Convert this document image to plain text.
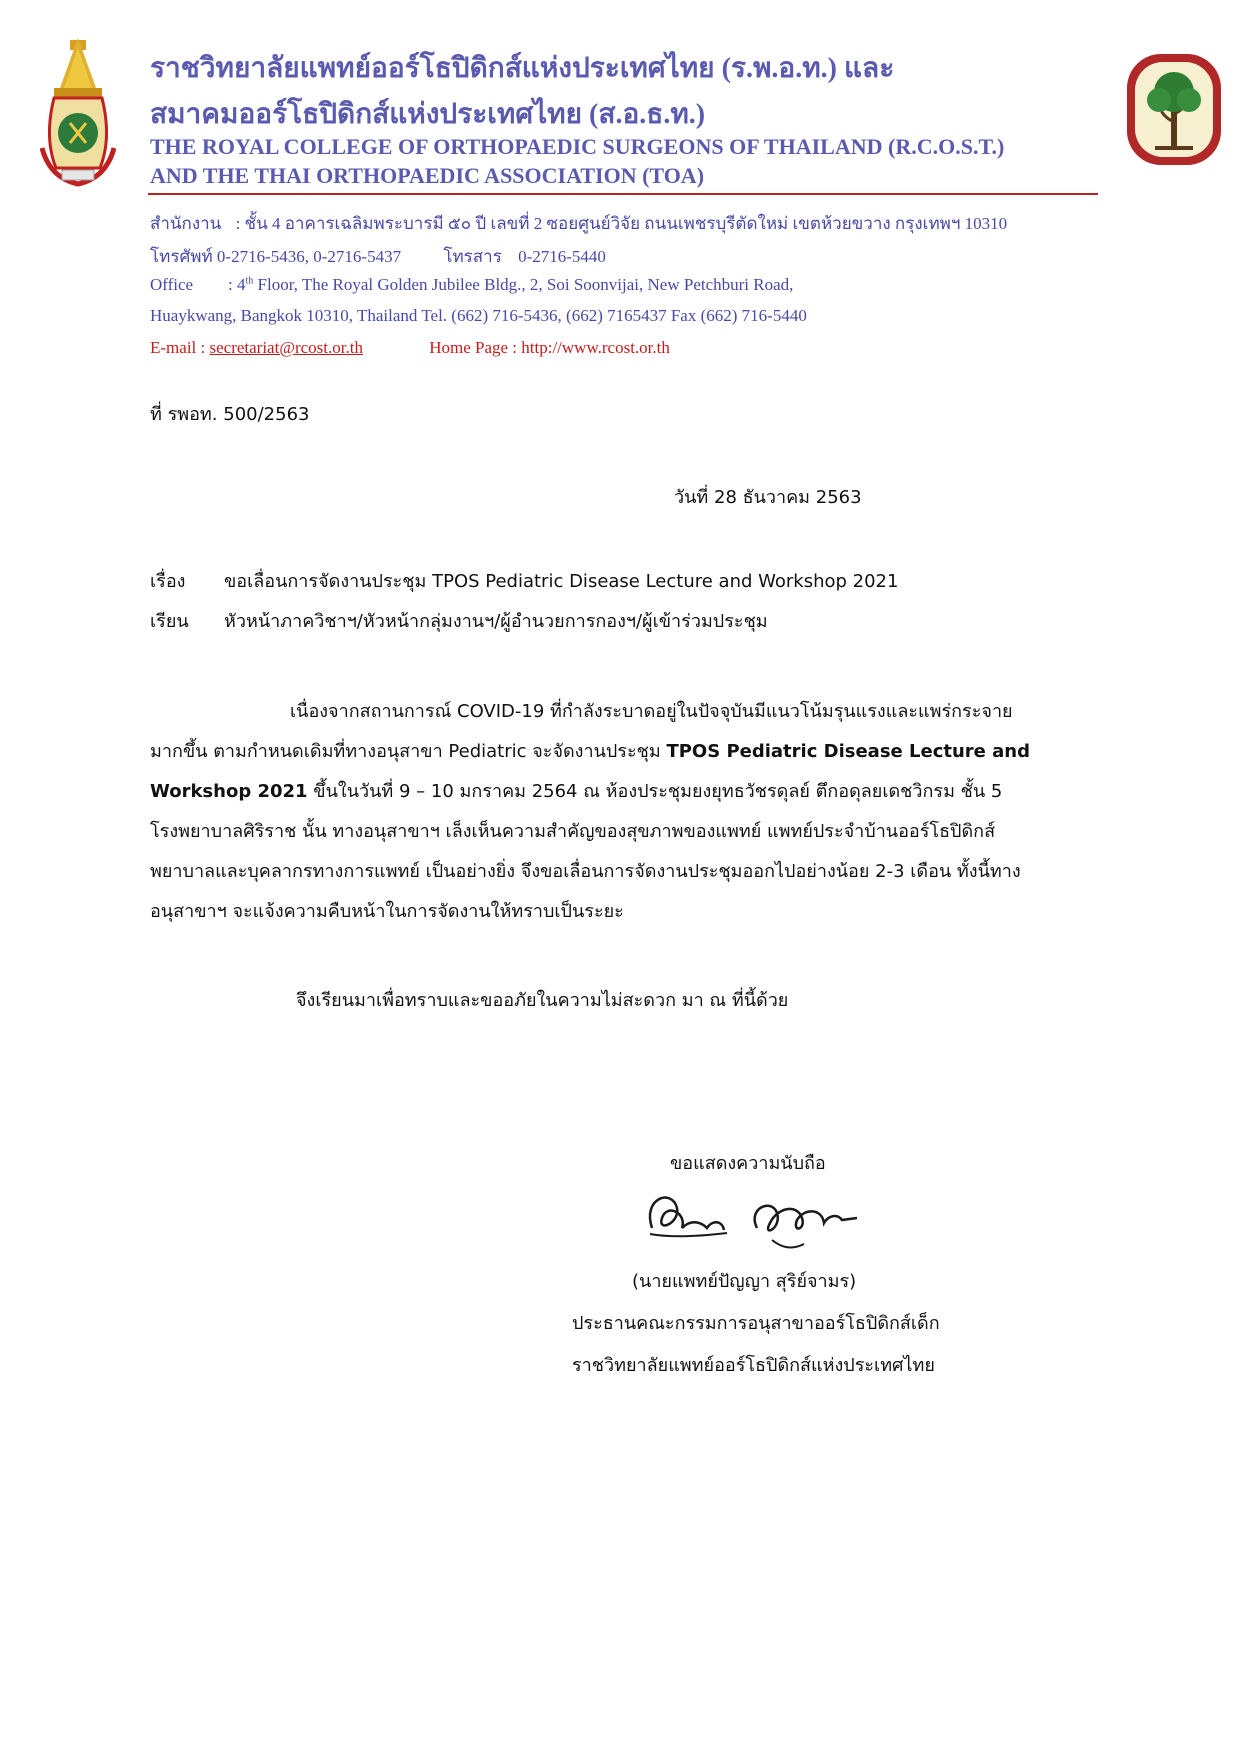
ราชวิทยาลัยแพทย์ออร์โธปิดิกส์แห่งประเทศไทย (ร.พ.อ.ท.) และ
สมาคมออร์โธปิดิกส์แห่งประเทศไทย (ส.อ.ธ.ท.)
THE ROYAL COLLEGE OF ORTHOPAEDIC SURGEONS OF THAILAND (R.C.O.S.T.)
AND THE THAI ORTHOPAEDIC ASSOCIATION (TOA)
สำนักงาน : ชั้น 4 อาคารเฉลิมพระบารมี ๕๐ ปี เลขที่ 2 ซอยศูนย์วิจัย ถนนเพชรบุรีตัดใหม่ เขตห้วยขวาง กรุงเทพฯ 10310
โทรศัพท์ 0-2716-5436, 0-2716-5437 โทรสาร 0-2716-5440
Office : 4th Floor, The Royal Golden Jubilee Bldg., 2, Soi Soonvijai, New Petchburi Road,
Huaykwang, Bangkok 10310, Thailand Tel. (662) 716-5436, (662) 7165437 Fax (662) 716-5440
E-mail : secretariat@rcost.or.th	Home Page : http://www.rcost.or.th
ที่ รพอท. 500/2563
วันที่ 28 ธันวาคม 2563
เรื่อง ขอเลื่อนการจัดงานประชุม TPOS Pediatric Disease Lecture and Workshop 2021
เรียน หัวหน้าภาควิชาฯ/หัวหน้ากลุ่มงานฯ/ผู้อำนวยการกองฯ/ผู้เข้าร่วมประชุม
เนื่องจากสถานการณ์ COVID-19 ที่กำลังระบาดอยู่ในปัจจุบันมีแนวโน้มรุนแรงและแพร่กระจาย
มากขึ้น ตามกำหนดเดิมที่ทางอนุสาขา Pediatric จะจัดงานประชุม TPOS Pediatric Disease Lecture and
Workshop 2021 ขึ้นในวันที่ 9 – 10 มกราคม 2564 ณ ห้องประชุมยงยุทธวัชรดุลย์ ตึกอดุลยเดชวิกรม ชั้น 5
โรงพยาบาลศิริราช นั้น ทางอนุสาขาฯ เล็งเห็นความสำคัญของสุขภาพของแพทย์ แพทย์ประจำบ้านออร์โธปิดิกส์
พยาบาลและบุคลากรทางการแพทย์ เป็นอย่างยิ่ง จึงขอเลื่อนการจัดงานประชุมออกไปอย่างน้อย 2-3 เดือน ทั้งนี้ทาง
อนุสาขาฯ จะแจ้งความคืบหน้าในการจัดงานให้ทราบเป็นระยะ
จึงเรียนมาเพื่อทราบและขออภัยในความไม่สะดวก มา ณ ที่นี้ด้วย
ขอแสดงความนับถือ
(นายแพทย์ปัญญา สุริย์จามร)
ประธานคณะกรรมการอนุสาขาออร์โธปิดิกส์เด็ก
ราชวิทยาลัยแพทย์ออร์โธปิดิกส์แห่งประเทศไทย
